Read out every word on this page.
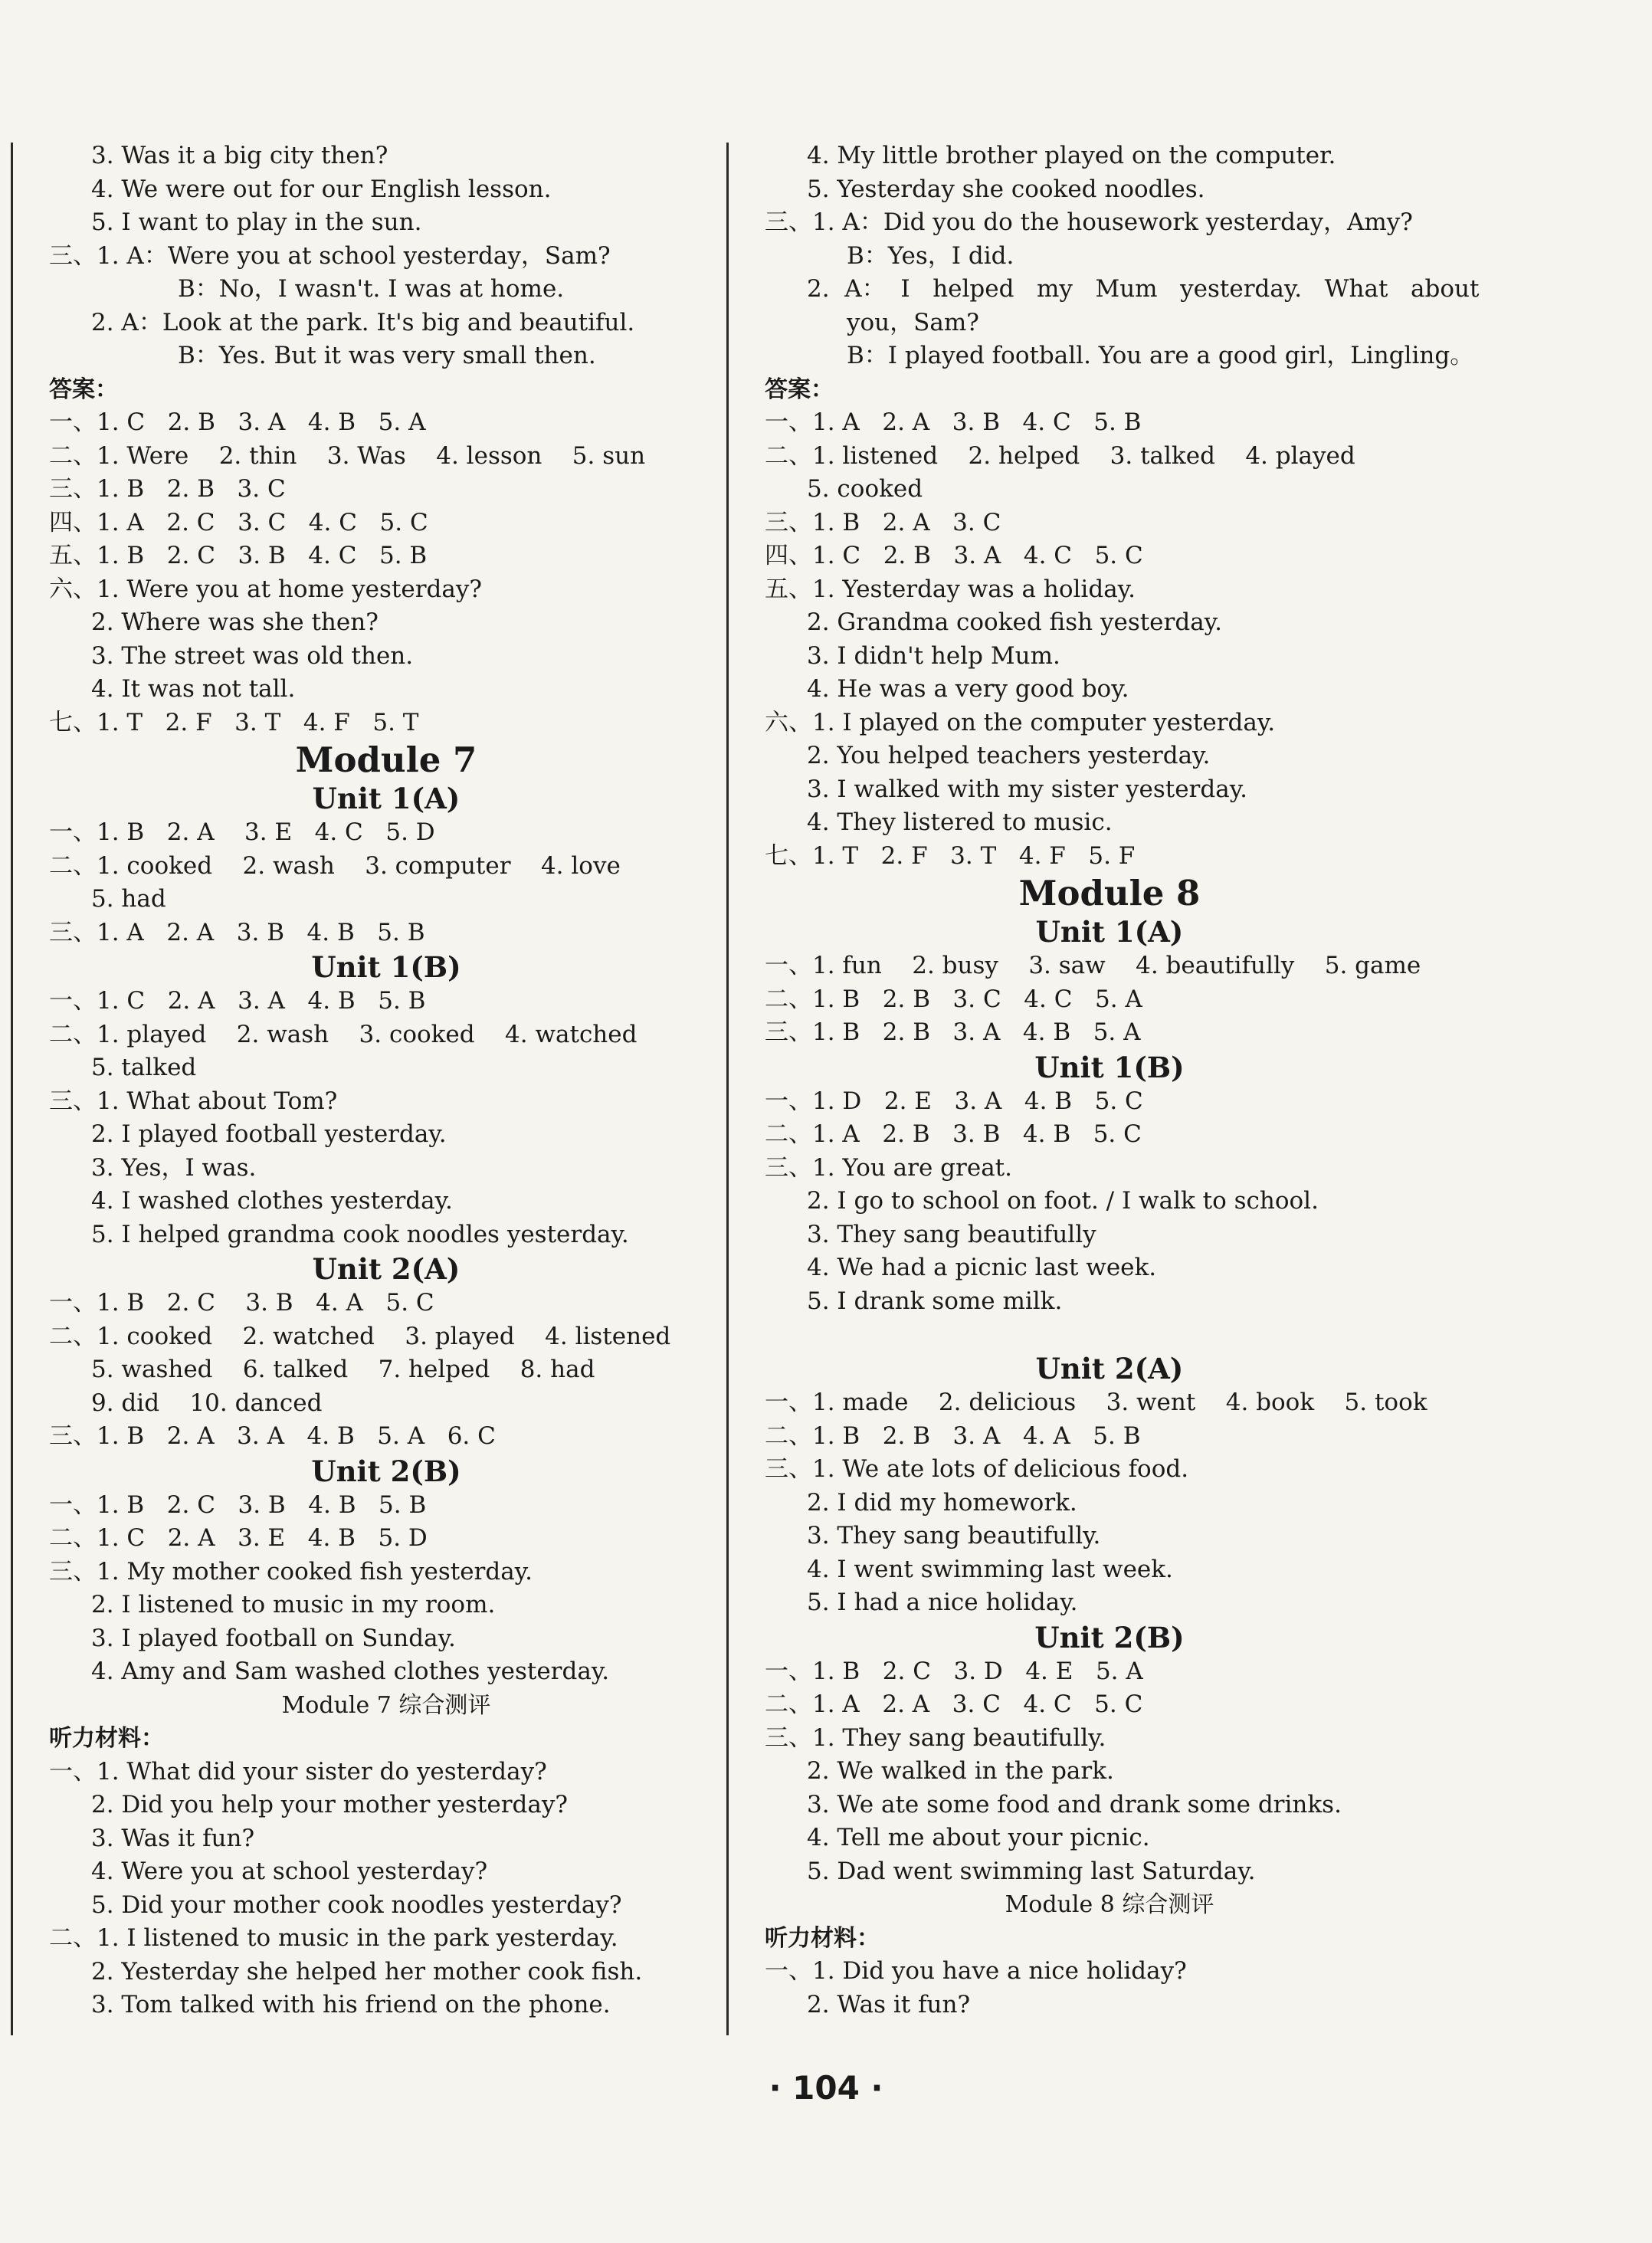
3. Was it a big city then?
4. We were out for our English lesson.
5. I want to play in the sun.
三、1. A：Were you at school yesterday，Sam?
B：No，I wasn't. I was at home.
2. A：Look at the park. It's big and beautiful.
B：Yes. But it was very small then.
答案：
一、1. C   2. B   3. A   4. B   5. A
二、1. Were    2. thin    3. Was    4. lesson    5. sun
三、1. B   2. B   3. C
四、1. A   2. C   3. C   4. C   5. C
五、1. B   2. C   3. B   4. C   5. B
六、1. Were you at home yesterday?
2. Where was she then?
3. The street was old then.
4. It was not tall.
七、1. T   2. F   3. T   4. F   5. T
Module 7
Unit 1(A)
一、1. B   2. A    3. E   4. C   5. D
二、1. cooked    2. wash    3. computer    4. love
5. had
三、1. A   2. A   3. B   4. B   5. B
Unit 1(B)
一、1. C   2. A   3. A   4. B   5. B
二、1. played    2. wash    3. cooked    4. watched
5. talked
三、1. What about Tom?
2. I played football yesterday.
3. Yes，I was.
4. I washed clothes yesterday.
5. I helped grandma cook noodles yesterday.
Unit 2(A)
一、1. B   2. C    3. B   4. A   5. C
二、1. cooked    2. watched    3. played    4. listened
5. washed    6. talked    7. helped    8. had
9. did    10. danced
三、1. B   2. A   3. A   4. B   5. A   6. C
Unit 2(B)
一、1. B   2. C   3. B   4. B   5. B
二、1. C   2. A   3. E   4. B   5. D
三、1. My mother cooked fish yesterday.
2. I listened to music in my room.
3. I played football on Sunday.
4. Amy and Sam washed clothes yesterday.
Module 7 综合测评
听力材料：
一、1. What did your sister do yesterday?
2. Did you help your mother yesterday?
3. Was it fun?
4. Were you at school yesterday?
5. Did your mother cook noodles yesterday?
二、1. I listened to music in the park yesterday.
2. Yesterday she helped her mother cook fish.
3. Tom talked with his friend on the phone.
4. My little brother played on the computer.
5. Yesterday she cooked noodles.
三、1. A：Did you do the housework yesterday，Amy?
B：Yes，I did.
2.  A：  I   helped   my   Mum   yesterday.   What   about
you，Sam?
B：I played football. You are a good girl，Lingling。
答案：
一、1. A   2. A   3. B   4. C   5. B
二、1. listened    2. helped    3. talked    4. played
5. cooked
三、1. B   2. A   3. C
四、1. C   2. B   3. A   4. C   5. C
五、1. Yesterday was a holiday.
2. Grandma cooked fish yesterday.
3. I didn't help Mum.
4. He was a very good boy.
六、1. I played on the computer yesterday.
2. You helped teachers yesterday.
3. I walked with my sister yesterday.
4. They listered to music.
七、1. T   2. F   3. T   4. F   5. F
Module 8
Unit 1(A)
一、1. fun    2. busy    3. saw    4. beautifully    5. game
二、1. B   2. B   3. C   4. C   5. A
三、1. B   2. B   3. A   4. B   5. A
Unit 1(B)
一、1. D   2. E   3. A   4. B   5. C
二、1. A   2. B   3. B   4. B   5. C
三、1. You are great.
2. I go to school on foot. / I walk to school.
3. They sang beautifully
4. We had a picnic last week.
5. I drank some milk.
Unit 2(A)
一、1. made    2. delicious    3. went    4. book    5. took
二、1. B   2. B   3. A   4. A   5. B
三、1. We ate lots of delicious food.
2. I did my homework.
3. They sang beautifully.
4. I went swimming last week.
5. I had a nice holiday.
Unit 2(B)
一、1. B   2. C   3. D   4. E   5. A
二、1. A   2. A   3. C   4. C   5. C
三、1. They sang beautifully.
2. We walked in the park.
3. We ate some food and drank some drinks.
4. Tell me about your picnic.
5. Dad went swimming last Saturday.
Module 8 综合测评
听力材料：
一、1. Did you have a nice holiday?
2. Was it fun?
· 104 ·
